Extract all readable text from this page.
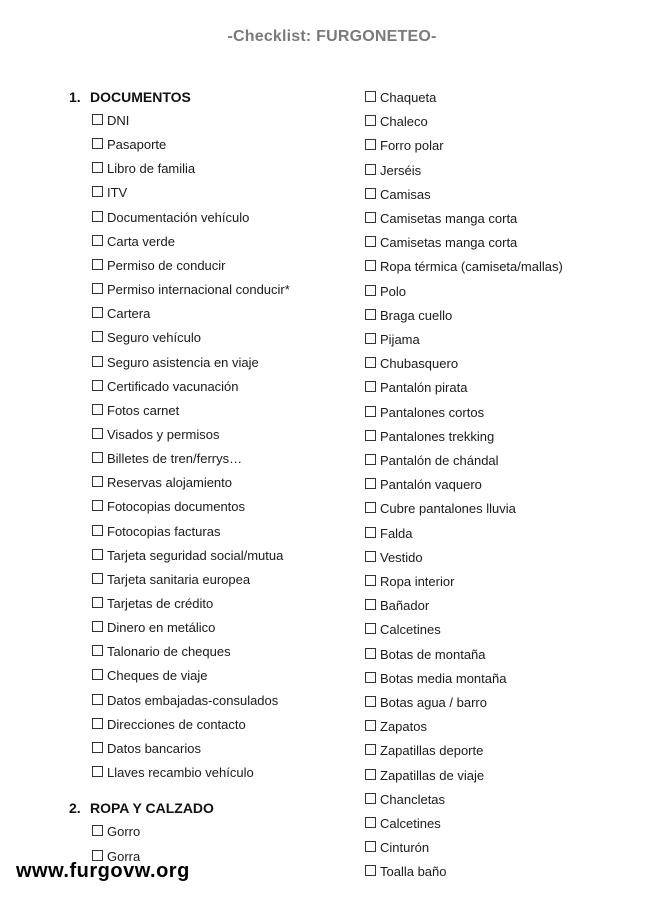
-Checklist: FURGONETEO-
1. DOCUMENTOS
DNI
Pasaporte
Libro de familia
ITV
Documentación vehículo
Carta verde
Permiso de conducir
Permiso internacional conducir*
Cartera
Seguro vehículo
Seguro asistencia en viaje
Certificado vacunación
Fotos carnet
Visados y permisos
Billetes de tren/ferrys…
Reservas alojamiento
Fotocopias documentos
Fotocopias facturas
Tarjeta seguridad social/mutua
Tarjeta sanitaria europea
Tarjetas de crédito
Dinero en metálico
Talonario de cheques
Cheques de viaje
Datos embajadas-consulados
Direcciones de contacto
Datos bancarios
Llaves recambio vehículo
2. ROPA Y CALZADO
Gorro
Gorra
Chaqueta
Chaleco
Forro polar
Jerséis
Camisas
Camisetas manga corta
Camisetas manga corta
Ropa térmica (camiseta/mallas)
Polo
Braga cuello
Pijama
Chubasquero
Pantalón pirata
Pantalones cortos
Pantalones trekking
Pantalón de chándal
Pantalón vaquero
Cubre pantalones lluvia
Falda
Vestido
Ropa interior
Bañador
Calcetines
Botas de montaña
Botas media montaña
Botas agua / barro
Zapatos
Zapatillas deporte
Zapatillas de viaje
Chancletas
Calcetines
Cinturón
Toalla baño
www.furgovw.org
